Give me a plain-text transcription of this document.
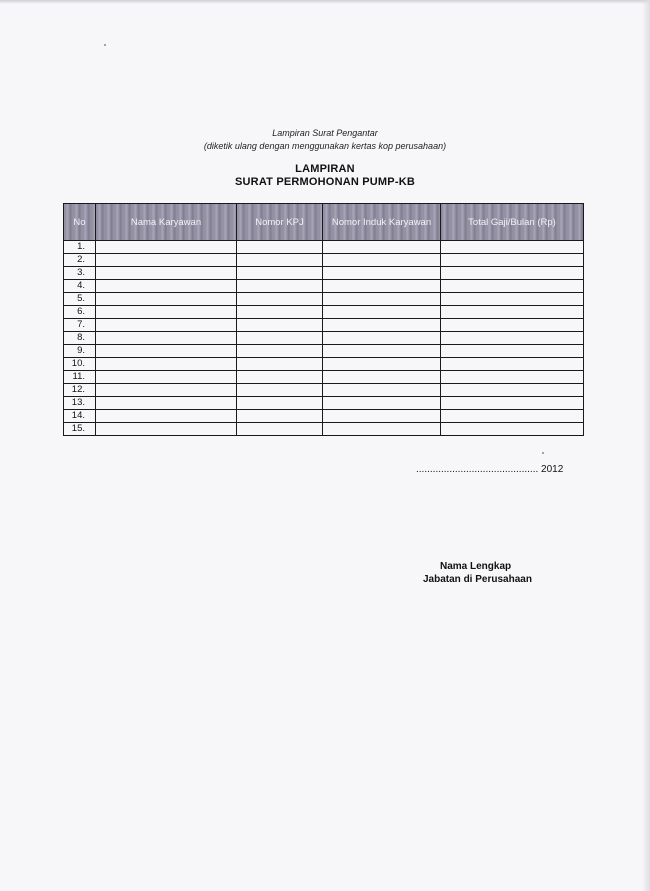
Lampiran Surat Pengantar
(diketik ulang dengan menggunakan kertas kop perusahaan)
LAMPIRAN
SURAT PERMOHONAN PUMP-KB
No	Nama Karyawan	Nomor KPJ	Nomor Induk Karyawan	Total Gaji/Bulan (Rp)

1.				
2.				
3.				
4.				
5.				
6.				
7.				
8.				
9.				
10.				
11.				
12.				
13.				
14.				
15.				
............................................ 2012
Nama Lengkap
Jabatan di Perusahaan
